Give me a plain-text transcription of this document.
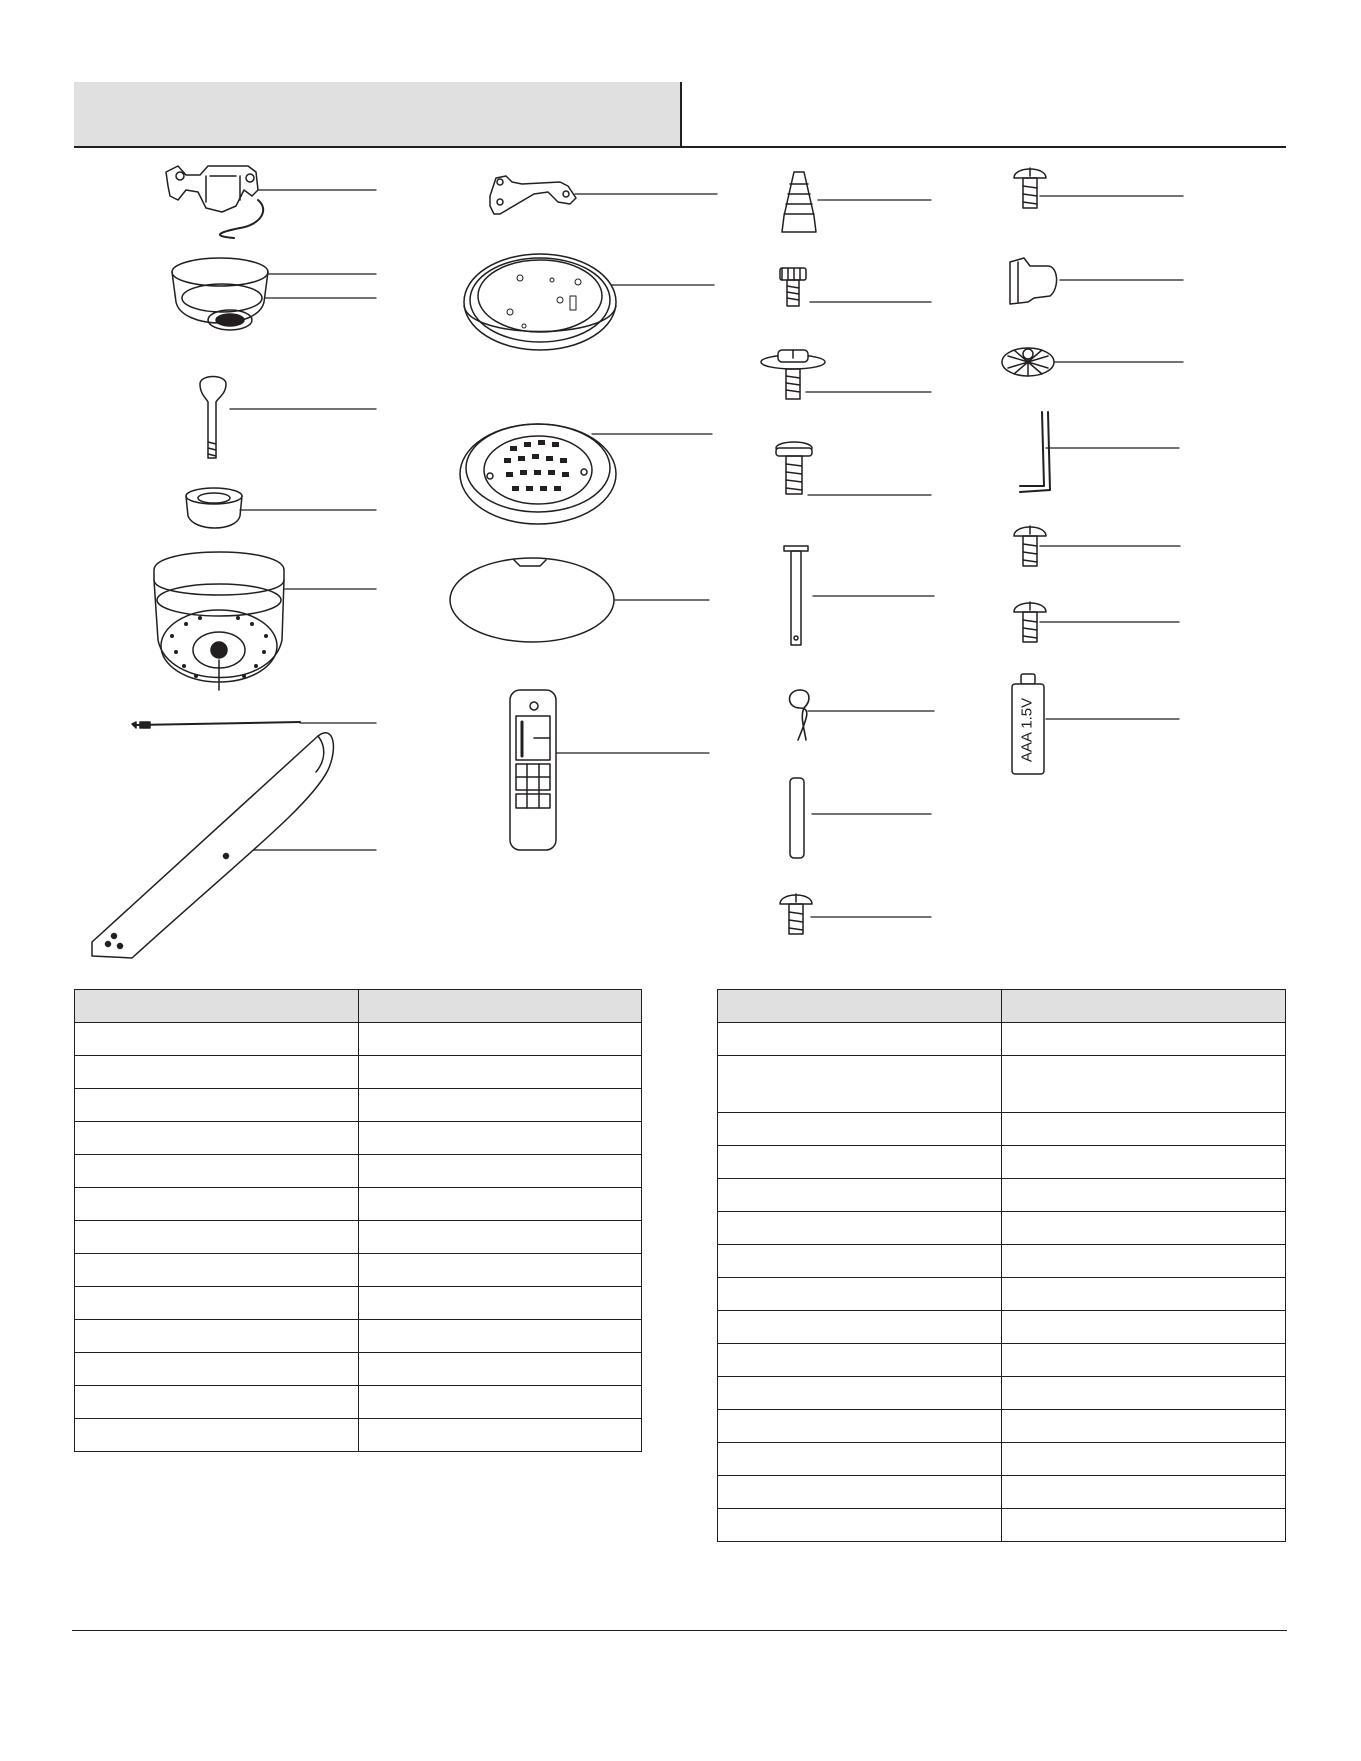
AAA 1.5V
